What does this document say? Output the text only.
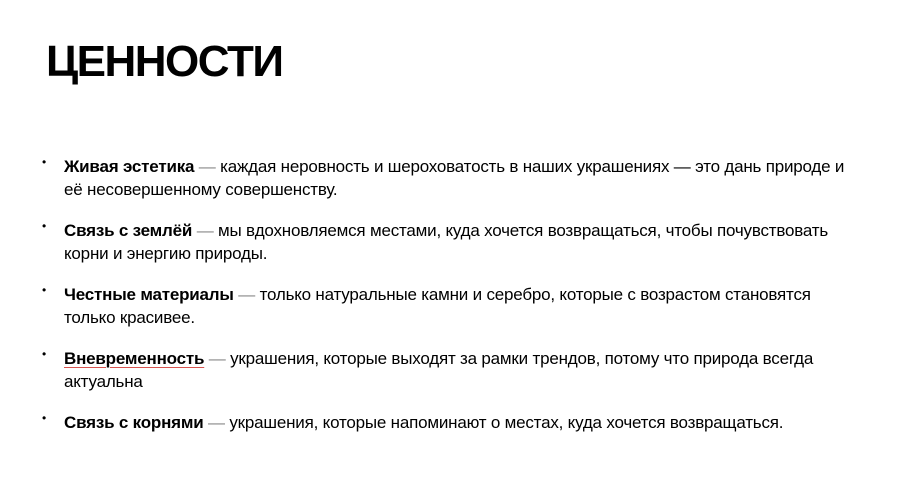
ЦЕННОСТИ
• Живая эстетика — каждая неровность и шероховатость в наших украшениях — это дань природе и её несовершенному совершенству.
• Связь с землёй — мы вдохновляемся местами, куда хочется возвращаться, чтобы почувствовать корни и энергию природы.
• Честные материалы — только натуральные камни и серебро, которые с возрастом становятся только красивее.
• Вневременность — украшения, которые выходят за рамки трендов, потому что природа всегда актуальна
• Связь с корнями — украшения, которые напоминают о местах, куда хочется возвращаться.
